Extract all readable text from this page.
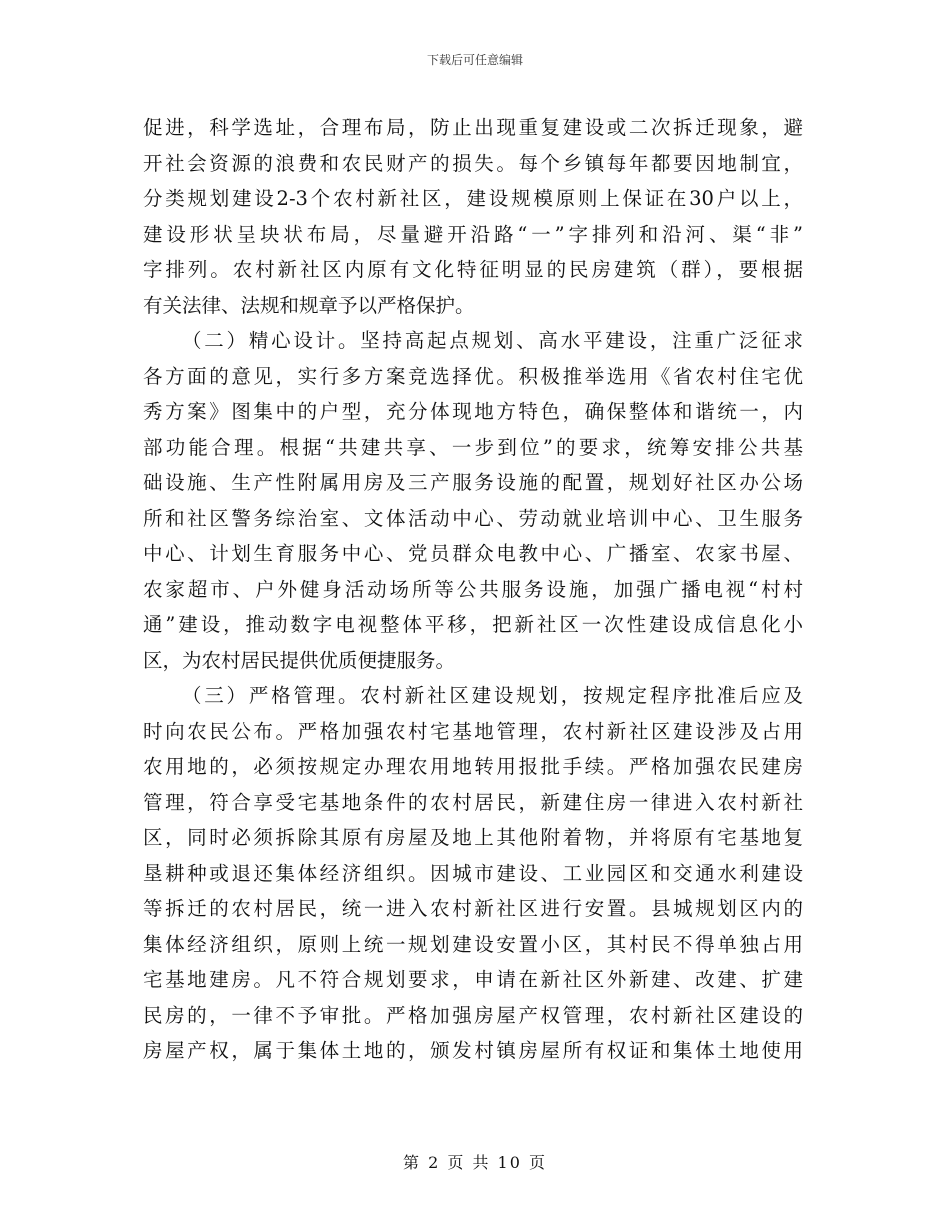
下载后可任意编辑
促进，科学选址，合理布局，防止出现重复建设或二次拆迁现象，避
开社会资源的浪费和农民财产的损失。每个乡镇每年都要因地制宜，
分类规划建设2-3个农村新社区，建设规模原则上保证在30户以上，
建设形状呈块状布局，尽量避开沿路“一”字排列和沿河、渠“非”
字排列。农村新社区内原有文化特征明显的民房建筑（群），要根据
有关法律、法规和规章予以严格保护。
（二）精心设计。坚持高起点规划、高水平建设，注重广泛征求
各方面的意见，实行多方案竞选择优。积极推举选用《省农村住宅优
秀方案》图集中的户型，充分体现地方特色，确保整体和谐统一，内
部功能合理。根据“共建共享、一步到位”的要求，统筹安排公共基
础设施、生产性附属用房及三产服务设施的配置，规划好社区办公场
所和社区警务综治室、文体活动中心、劳动就业培训中心、卫生服务
中心、计划生育服务中心、党员群众电教中心、广播室、农家书屋、
农家超市、户外健身活动场所等公共服务设施，加强广播电视“村村
通”建设，推动数字电视整体平移，把新社区一次性建设成信息化小
区，为农村居民提供优质便捷服务。
（三）严格管理。农村新社区建设规划，按规定程序批准后应及
时向农民公布。严格加强农村宅基地管理，农村新社区建设涉及占用
农用地的，必须按规定办理农用地转用报批手续。严格加强农民建房
管理，符合享受宅基地条件的农村居民，新建住房一律进入农村新社
区，同时必须拆除其原有房屋及地上其他附着物，并将原有宅基地复
垦耕种或退还集体经济组织。因城市建设、工业园区和交通水利建设
等拆迁的农村居民，统一进入农村新社区进行安置。县城规划区内的
集体经济组织，原则上统一规划建设安置小区，其村民不得单独占用
宅基地建房。凡不符合规划要求，申请在新社区外新建、改建、扩建
民房的，一律不予审批。严格加强房屋产权管理，农村新社区建设的
房屋产权，属于集体土地的，颁发村镇房屋所有权证和集体土地使用
第 2 页 共 10 页
